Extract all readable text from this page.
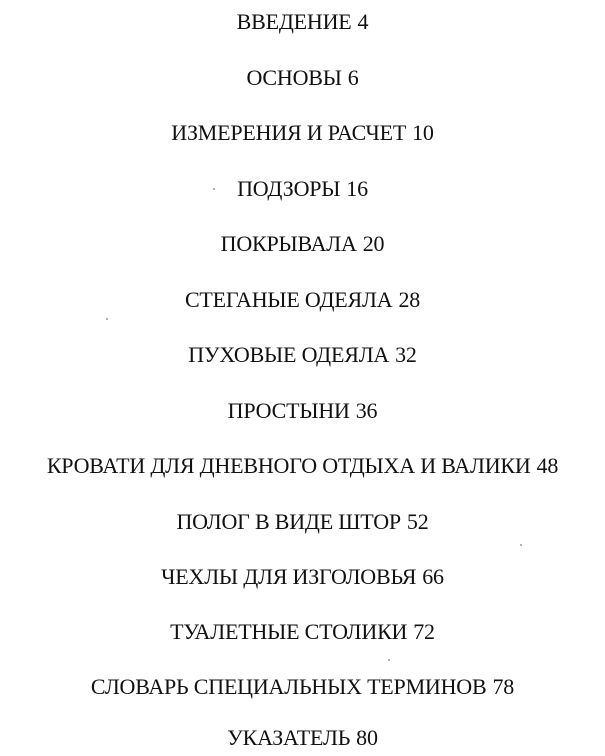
ВВЕДЕНИЕ 4
ОСНОВЫ 6
ИЗМЕРЕНИЯ И РАСЧЕТ 10
ПОДЗОРЫ 16
ПОКРЫВАЛА 20
СТЕГАНЫЕ ОДЕЯЛА 28
ПУХОВЫЕ ОДЕЯЛА 32
ПРОСТЫНИ 36
КРОВАТИ ДЛЯ ДНЕВНОГО ОТДЫХА И ВАЛИКИ 48
ПОЛОГ В ВИДЕ ШТОР 52
ЧЕХЛЫ ДЛЯ ИЗГОЛОВЬЯ 66
ТУАЛЕТНЫЕ СТОЛИКИ 72
СЛОВАРЬ СПЕЦИАЛЬНЫХ ТЕРМИНОВ 78
УКАЗАТЕЛЬ 80
